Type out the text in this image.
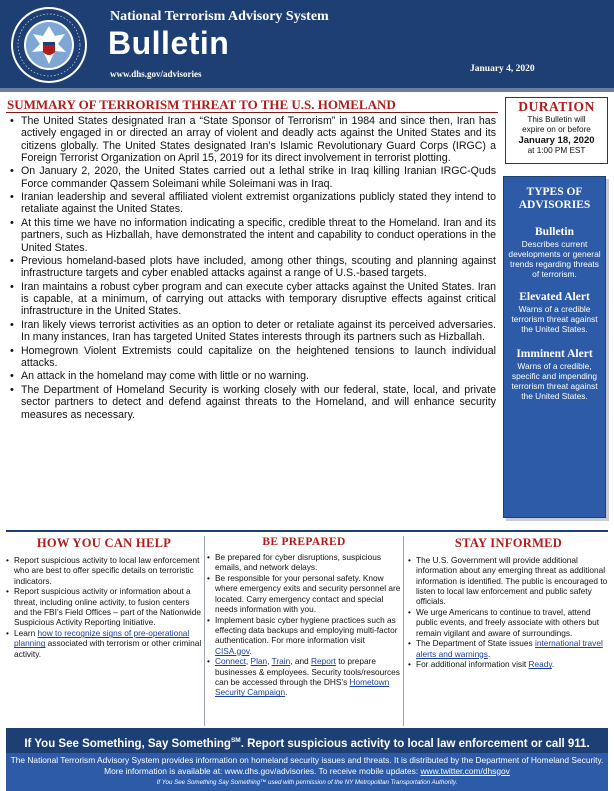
National Terrorism Advisory System
Bulletin
www.dhs.gov/advisories	January 4, 2020
SUMMARY OF TERRORISM THREAT TO THE U.S. HOMELAND
• The United States designated Iran a “State Sponsor of Terrorism” in 1984 and since then, Iran has actively engaged in or directed an array of violent and deadly acts against the United States and its citizens globally. The United States designated Iran’s Islamic Revolutionary Guard Corps (IRGC) a Foreign Terrorist Organization on April 15, 2019 for its direct involvement in terrorist plotting.
• On January 2, 2020, the United States carried out a lethal strike in Iraq killing Iranian IRGC-Quds Force commander Qassem Soleimani while Soleimani was in Iraq.
• Iranian leadership and several affiliated violent extremist organizations publicly stated they intend to retaliate against the United States.
• At this time we have no information indicating a specific, credible threat to the Homeland. Iran and its partners, such as Hizballah, have demonstrated the intent and capability to conduct operations in the United States.
• Previous homeland-based plots have included, among other things, scouting and planning against infrastructure targets and cyber enabled attacks against a range of U.S.-based targets.
• Iran maintains a robust cyber program and can execute cyber attacks against the United States. Iran is capable, at a minimum, of carrying out attacks with temporary disruptive effects against critical infrastructure in the United States.
• Iran likely views terrorist activities as an option to deter or retaliate against its perceived adversaries. In many instances, Iran has targeted United States interests through its partners such as Hizballah.
• Homegrown Violent Extremists could capitalize on the heightened tensions to launch individual attacks.
• An attack in the homeland may come with little or no warning.
• The Department of Homeland Security is working closely with our federal, state, local, and private sector partners to detect and defend against threats to the Homeland, and will enhance security measures as necessary.
DURATION
This Bulletin will
expire on or before
January 18, 2020
at 1:00 PM EST
TYPES OF
ADVISORIES
Bulletin
Describes current developments or general trends regarding threats of terrorism.
Elevated Alert
Warns of a credible terrorism threat against the United States.
Imminent Alert
Warns of a credible, specific and impending terrorism threat against the United States.
HOW YOU CAN HELP
• Report suspicious activity to local law enforcement who are best to offer specific details on terroristic indicators.
• Report suspicious activity or information about a threat, including online activity, to fusion centers and the FBI’s Field Offices – part of the Nationwide Suspicious Activity Reporting Initiative.
• Learn how to recognize signs of pre-operational planning associated with terrorism or other criminal activity.
BE PREPARED
• Be prepared for cyber disruptions, suspicious emails, and network delays.
• Be responsible for your personal safety. Know where emergency exits and security personnel are located. Carry emergency contact and special needs information with you.
• Implement basic cyber hygiene practices such as effecting data backups and employing multi-factor authentication. For more information visit CISA.gov.
• Connect, Plan, Train, and Report to prepare businesses & employees. Security tools/resources can be accessed through the DHS’s Hometown Security Campaign.
STAY INFORMED
• The U.S. Government will provide additional information about any emerging threat as additional information is identified. The public is encouraged to listen to local law enforcement and public safety officials.
• We urge Americans to continue to travel, attend public events, and freely associate with others but remain vigilant and aware of surroundings.
• The Department of State issues international travel alerts and warnings.
• For additional information visit Ready.
If You See Something, Say Something℠. Report suspicious activity to local law enforcement or call 911.
The National Terrorism Advisory System provides information on homeland security issues and threats. It is distributed by the Department of Homeland Security. More information is available at: www.dhs.gov/advisories. To receive mobile updates: www.twitter.com/dhsgov
If You See Something Say Something™ used with permission of the NY Metropolitan Transportation Authority.
